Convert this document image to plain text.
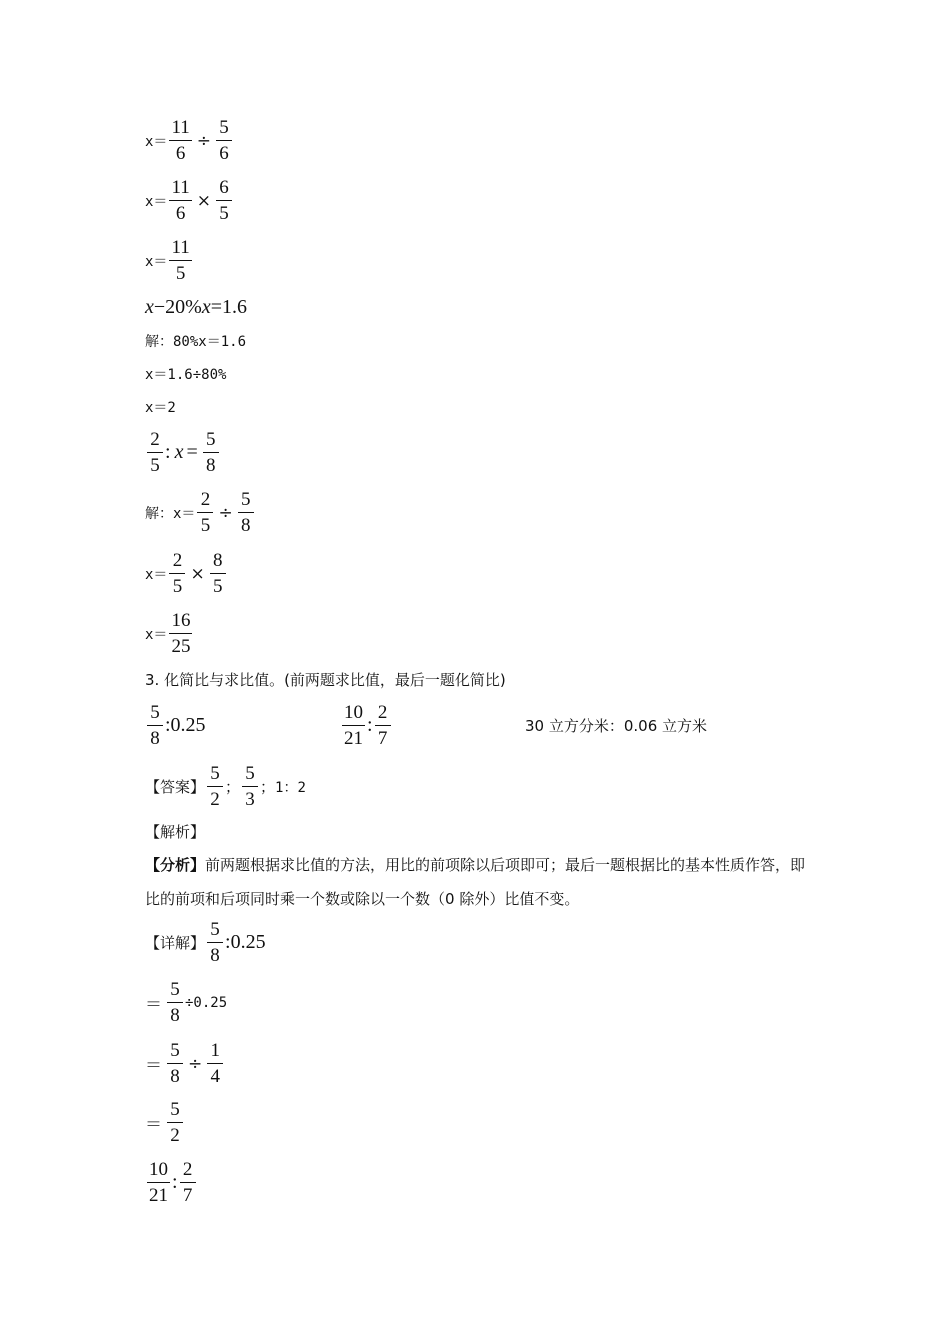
$x= \frac{11}{6} \div \frac{5}{6}$
$x= \frac{11}{6} \times \frac{6}{5}$
$x= \frac{11}{5}$
x −20% x =1.6
解：80%x＝1.6
x＝1.6÷80%
x＝2
$\frac{2}{5}$ : $x = \frac{5}{8}$
解：$x= \frac{2}{5} \div \frac{5}{8}$
$x= \frac{2}{5} \times \frac{8}{5}$
$x= \frac{16}{25}$
3. 化简比与求比值。(前两题求比值，最后一题化简比)
$\frac{5}{8}$ :0.25	$\frac{10}{21}$ : $\frac{2}{7}$	30 立方分米：0.06 立方米
【答案】 $\frac{5}{2}$ ； $\frac{5}{3}$ ； 1：2
【解析】
【分析】前两题根据求比值的方法，用比的前项除以后项即可；最后一题根据比的基本性质作答，即比的前项和后项同时乘一个数或除以一个数（0 除外）比值不变。
【详解】 $\frac{5}{8}$ :0.25
＝ $\frac{5}{8} \div 0.25$
＝ $\frac{5}{8} \div \frac{1}{4}$
＝ $\frac{5}{2}$
$\frac{10}{21}$ : $\frac{2}{7}$
